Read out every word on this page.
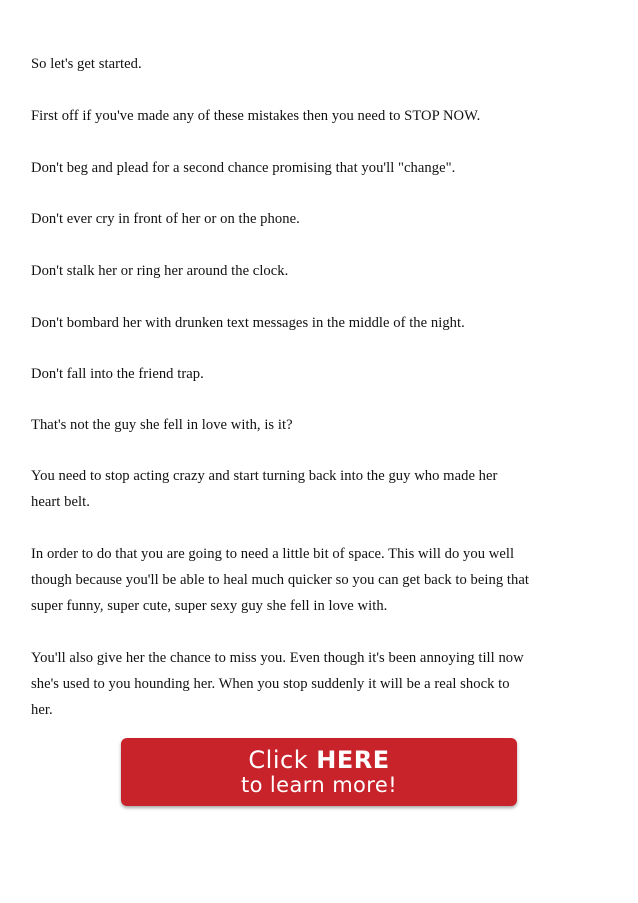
So let's get started.

First off if you've made any of these mistakes then you need to STOP NOW.

Don't beg and plead for a second chance promising that you'll "change".

Don't ever cry in front of her or on the phone.

Don't stalk her or ring her around the clock.

Don't bombard her with drunken text messages in the middle of the night.

Don't fall into the friend trap.

That's not the guy she fell in love with, is it?

You need to stop acting crazy and start turning back into the guy who made her
heart belt.

In order to do that you are going to need a little bit of space. This will do you well
though because you'll be able to heal much quicker so you can get back to being that
super funny, super cute, super sexy guy she fell in love with.

You'll also give her the chance to miss you. Even though it's been annoying till now
she's used to you hounding her. When you stop suddenly it will be a real shock to
her.

Click HERE
to learn more!
